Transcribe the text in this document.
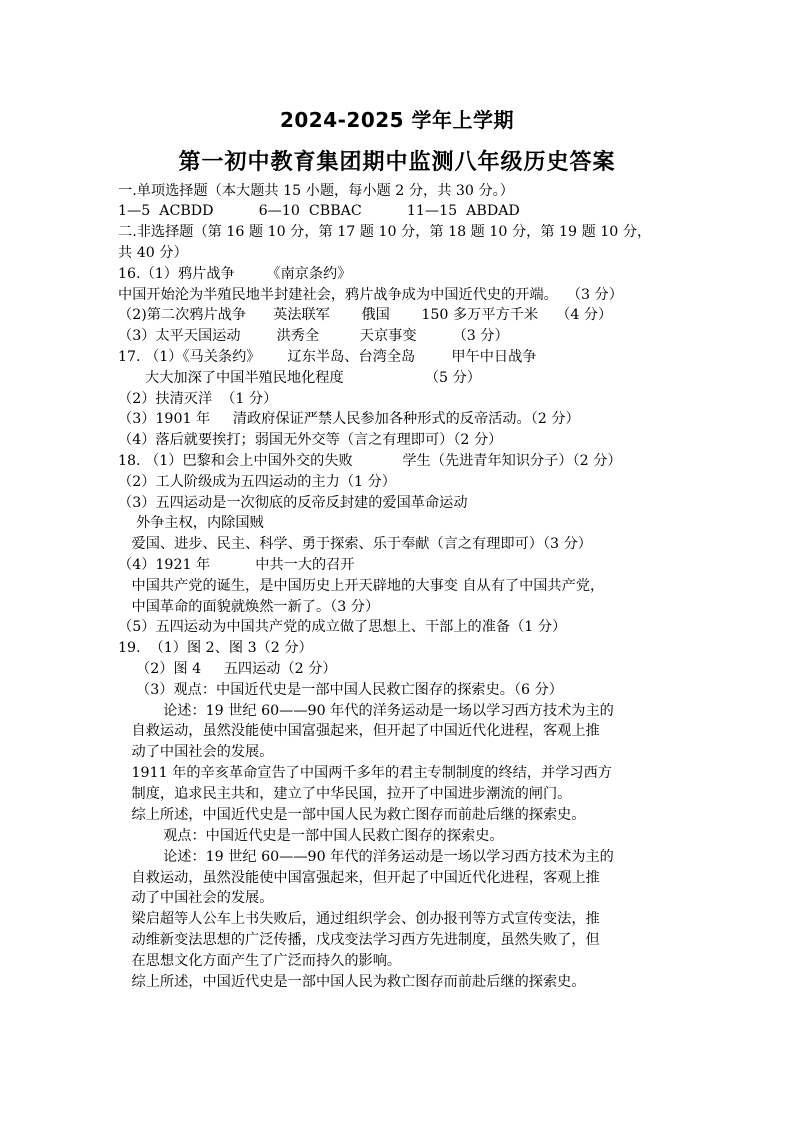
2024-2025 学年上学期
第一初中教育集团期中监测八年级历史答案
一.单项选择题（本大题共 15 小题，每小题 2 分，共 30 分。）
1—5  ACBDD          6—10  CBBAC          11—15  ABDAD
二.非选择题（第 16 题 10 分，第 17 题 10 分，第 18 题 10 分，第 19 题 10 分，
共 40 分）
16.（1）鸦片战争       《南京条约》
中国开始沦为半殖民地半封建社会，鸦片战争成为中国近代史的开端。  （3 分）
（2)第二次鸦片战争      英法联军       俄国       150 多万平方千米    （4 分）
（3）太平天国运动        洪秀全         天京事变        （3 分）
17. （1）《马关条约》      辽东半岛、台湾全岛        甲午中日战争
大大加深了中国半殖民地化程度                  （5 分）
（2）扶清灭洋  （1 分）
（3）1901 年     清政府保证严禁人民参加各种形式的反帝活动。（2 分）
（4）落后就要挨打；弱国无外交等（言之有理即可）（2 分）
18. （1）巴黎和会上中国外交的失败           学生（先进青年知识分子）（2 分）
（2）工人阶级成为五四运动的主力（1 分）
（3）五四运动是一次彻底的反帝反封建的爱国革命运动
外争主权，内除国贼
爱国、进步、民主、科学、勇于探索、乐于奉献（言之有理即可）（3 分）
（4）1921 年          中共一大的召开
中国共产党的诞生，是中国历史上开天辟地的大事变 自从有了中国共产党，
中国革命的面貌就焕然一新了。（3 分）
（5）五四运动为中国共产党的成立做了思想上、干部上的准备（1 分）
19.  （1）图 2、图 3（2 分）
（2）图 4     五四运动（2 分）
（3）观点：中国近代史是一部中国人民救亡图存的探索史。（6 分）
论述：19 世纪 60——90 年代的洋务运动是一场以学习西方技术为主的
自救运动，虽然没能使中国富强起来，但开起了中国近代化进程，客观上推
动了中国社会的发展。
1911 年的辛亥革命宣告了中国两千多年的君主专制制度的终结，并学习西方
制度，追求民主共和，建立了中华民国，拉开了中国进步潮流的闸门。
综上所述，中国近代史是一部中国人民为救亡图存而前赴后继的探索史。
观点：中国近代史是一部中国人民救亡图存的探索史。
论述：19 世纪 60——90 年代的洋务运动是一场以学习西方技术为主的
自救运动，虽然没能使中国富强起来，但开起了中国近代化进程，客观上推
动了中国社会的发展。
梁启超等人公车上书失败后，通过组织学会、创办报刊等方式宣传变法，推
动维新变法思想的广泛传播，戊戌变法学习西方先进制度，虽然失败了，但
在思想文化方面产生了广泛而持久的影响。
综上所述，中国近代史是一部中国人民为救亡图存而前赴后继的探索史。
